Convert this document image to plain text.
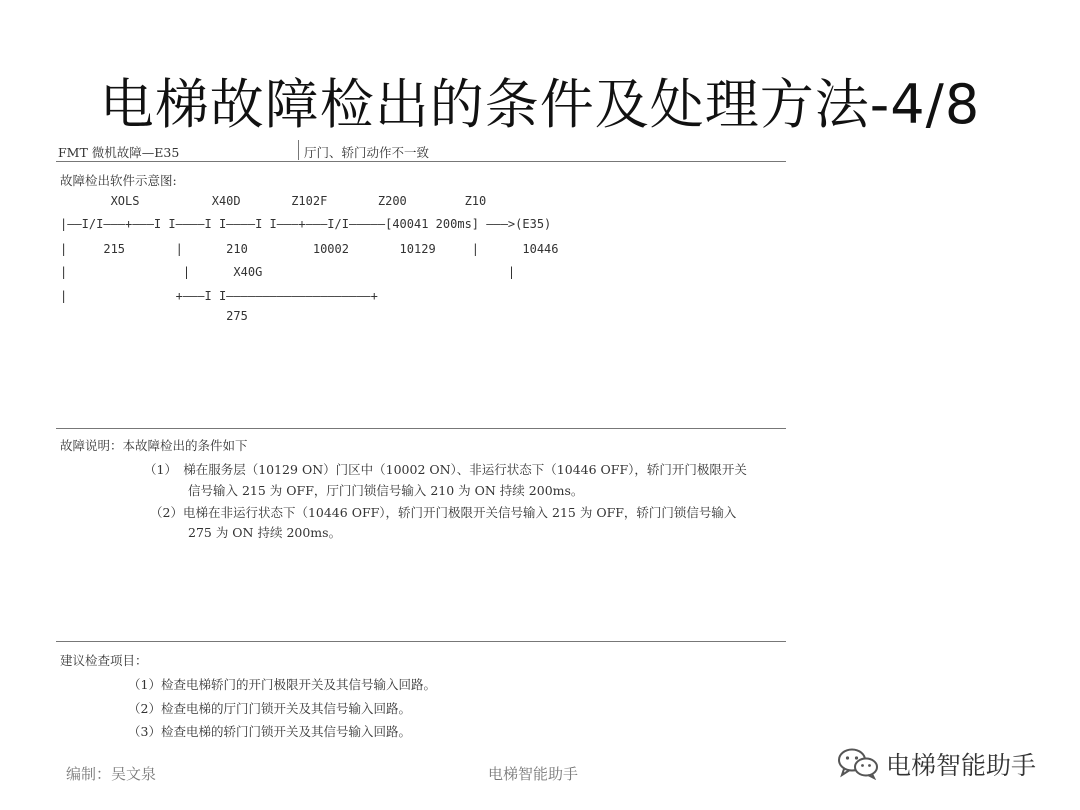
电梯故障检出的条件及处理方法-4/8
FMT 微机故障—E35	厅门、轿门动作不一致
故障检出软件示意图:
XOLS          X40D       Z102F       Z200        Z10
|——I/I———+———I I————I I————I I———+———I/I—————[40041 200ms] ———>(E35)
|     215       |      210         10002       10129     |      10446
|                |      X40G                                  |
|               +———I I————————————————————+
275
故障说明：本故障检出的条件如下
（1）　梯在服务层（10129 ON）门区中（10002 ON）、非运行状态下（10446 OFF），轿门开门极限开关
信号输入 215 为 OFF，厅门门锁信号输入 210 为 ON 持续 200ms。
（2）电梯在非运行状态下（10446 OFF），轿门开门极限开关信号输入 215 为 OFF，轿门门锁信号输入
275 为 ON 持续 200ms。
建议检查项目：
（1）检查电梯轿门的开门极限开关及其信号输入回路。
（2）检查电梯的厅门门锁开关及其信号输入回路。
（3）检查电梯的轿门门锁开关及其信号输入回路。
编制：吴文泉	电梯智能助手	电梯智能助手
